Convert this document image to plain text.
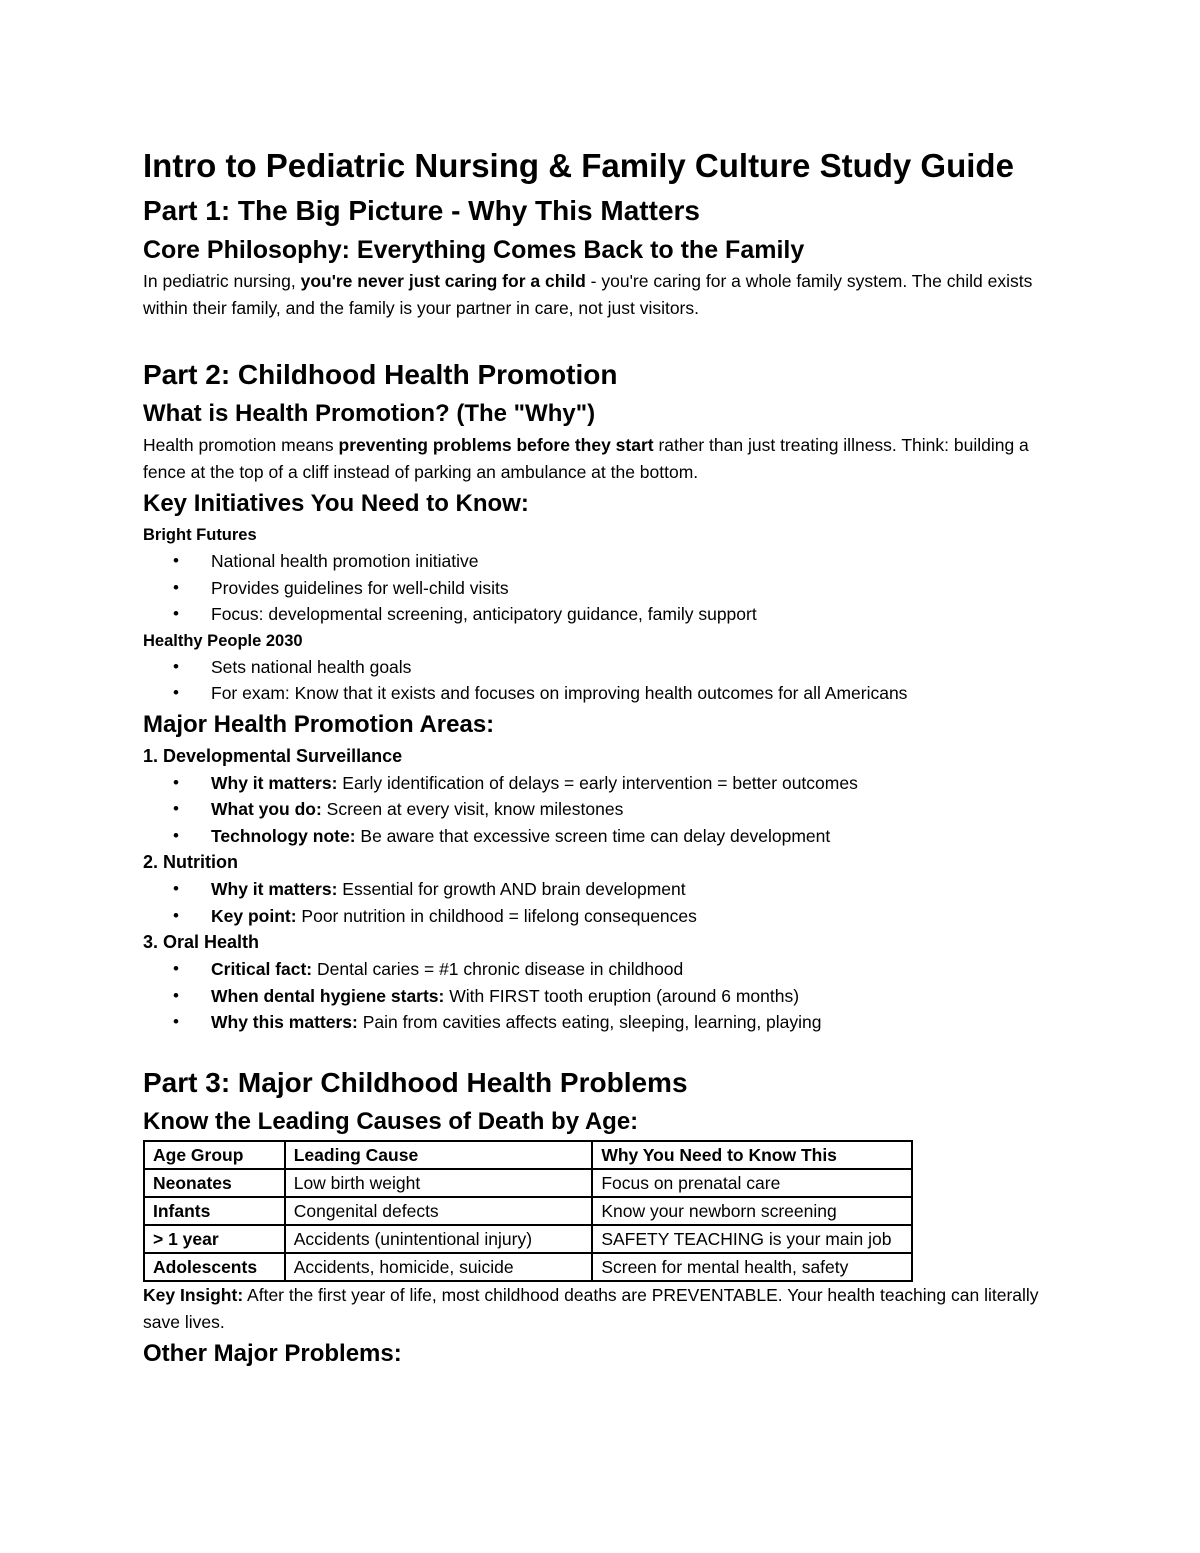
Intro to Pediatric Nursing & Family Culture Study Guide
Part 1: The Big Picture - Why This Matters
Core Philosophy: Everything Comes Back to the Family

In pediatric nursing, you're never just caring for a child - you're caring for a whole family system. The child exists within their family, and the family is your partner in care, not just visitors.

Part 2: Childhood Health Promotion
What is Health Promotion? (The "Why")

Health promotion means preventing problems before they start rather than just treating illness. Think: building a fence at the top of a cliff instead of parking an ambulance at the bottom.

Key Initiatives You Need to Know:
Bright Futures
• National health promotion initiative
• Provides guidelines for well-child visits
• Focus: developmental screening, anticipatory guidance, family support
Healthy People 2030
• Sets national health goals
• For exam: Know that it exists and focuses on improving health outcomes for all Americans
Major Health Promotion Areas:
1. Developmental Surveillance
• Why it matters: Early identification of delays = early intervention = better outcomes
• What you do: Screen at every visit, know milestones
• Technology note: Be aware that excessive screen time can delay development
2. Nutrition
• Why it matters: Essential for growth AND brain development
• Key point: Poor nutrition in childhood = lifelong consequences
3. Oral Health
• Critical fact: Dental caries = #1 chronic disease in childhood
• When dental hygiene starts: With FIRST tooth eruption (around 6 months)
• Why this matters: Pain from cavities affects eating, sleeping, learning, playing
Part 3: Major Childhood Health Problems
Know the Leading Causes of Death by Age:
Age Group	Leading Cause	Why You Need to Know This
Neonates	Low birth weight	Focus on prenatal care
Infants	Congenital defects	Know your newborn screening
> 1 year	Accidents (unintentional injury)	SAFETY TEACHING is your main job
Adolescents	Accidents, homicide, suicide	Screen for mental health, safety

Key Insight: After the first year of life, most childhood deaths are PREVENTABLE. Your health teaching can literally save lives.

Other Major Problems:
